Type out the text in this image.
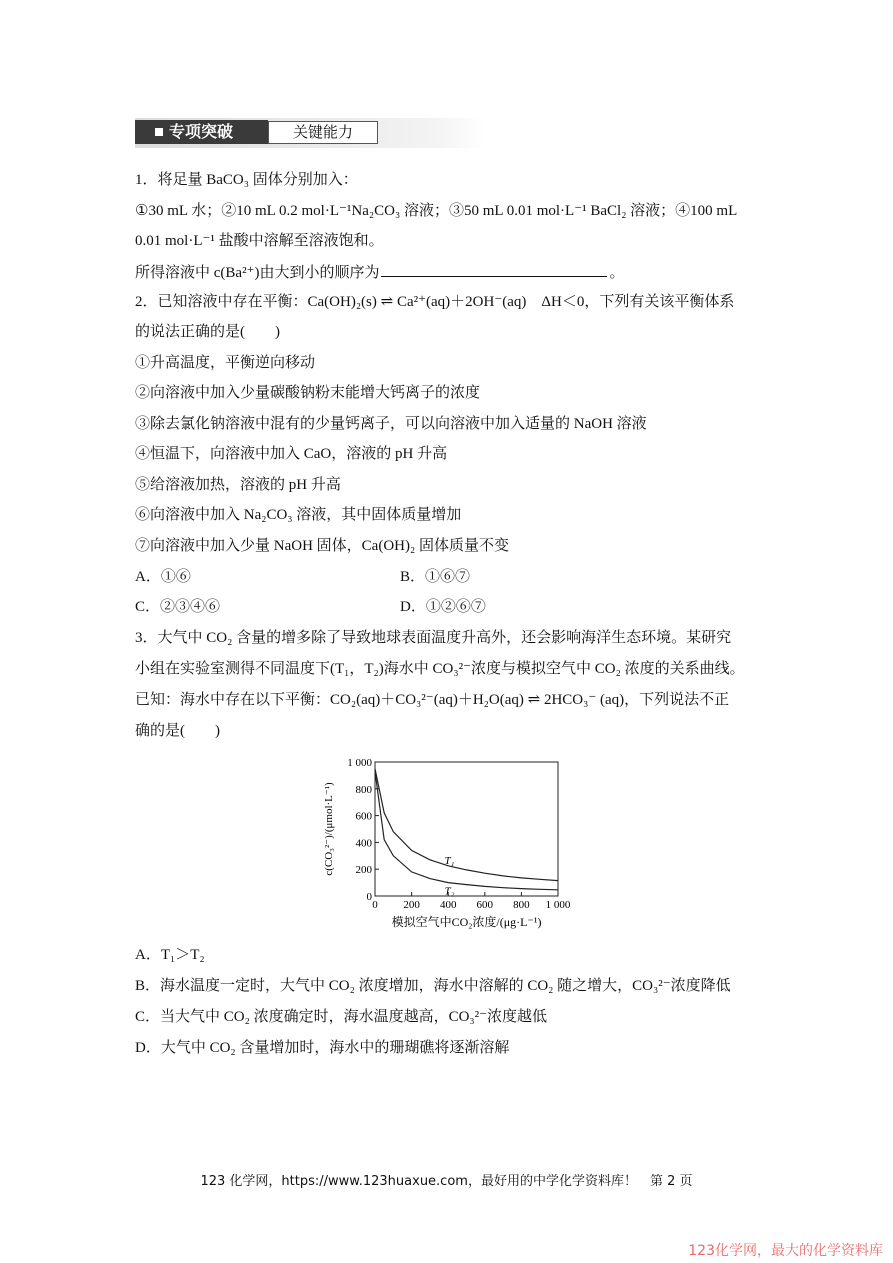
专项突破	关键能力
1．将足量 BaCO₃ 固体分别加入：
①30 mL 水；②10 mL 0.2 mol·L⁻¹Na₂CO₃ 溶液；③50 mL 0.01 mol·L⁻¹ BaCl₂ 溶液；④100 mL
0.01 mol·L⁻¹ 盐酸中溶解至溶液饱和。
所得溶液中 c(Ba²⁺)由大到小的顺序为	。
2．已知溶液中存在平衡：Ca(OH)₂(s) ⇌ Ca²⁺(aq)＋2OH⁻(aq)　ΔH＜0，下列有关该平衡体系
的说法正确的是(　　)
①升高温度，平衡逆向移动
②向溶液中加入少量碳酸钠粉末能增大钙离子的浓度
③除去氯化钠溶液中混有的少量钙离子，可以向溶液中加入适量的 NaOH 溶液
④恒温下，向溶液中加入 CaO，溶液的 pH 升高
⑤给溶液加热，溶液的 pH 升高
⑥向溶液中加入 Na₂CO₃ 溶液，其中固体质量增加
⑦向溶液中加入少量 NaOH 固体，Ca(OH)₂ 固体质量不变
A．①⑥	B．①⑥⑦
C．②③④⑥	D．①②⑥⑦
3．大气中 CO₂ 含量的增多除了导致地球表面温度升高外，还会影响海洋生态环境。某研究
小组在实验室测得不同温度下(T₁，T₂)海水中 CO₃²⁻浓度与模拟空气中 CO₂ 浓度的关系曲线。
已知：海水中存在以下平衡：CO₂(aq)＋CO₃²⁻(aq)＋H₂O(aq) ⇌ 2HCO₃⁻ (aq)，下列说法不正
确的是(　　)
0
0
200
200
400
400
600
600
800
800
1 000
1 000
T₁
T₂
模拟空气中CO₂浓度/(μg·L⁻¹)
c(CO₃²⁻)/(μmol·L⁻¹)
A．T₁＞T₂
B．海水温度一定时，大气中 CO₂ 浓度增加，海水中溶解的 CO₂ 随之增大，CO₃²⁻浓度降低
C．当大气中 CO₂ 浓度确定时，海水温度越高，CO₃²⁻浓度越低
D．大气中 CO₂ 含量增加时，海水中的珊瑚礁将逐渐溶解
123 化学网，https://www.123huaxue.com，最好用的中学化学资料库！　第 2 页
123化学网，最大的化学资料库
